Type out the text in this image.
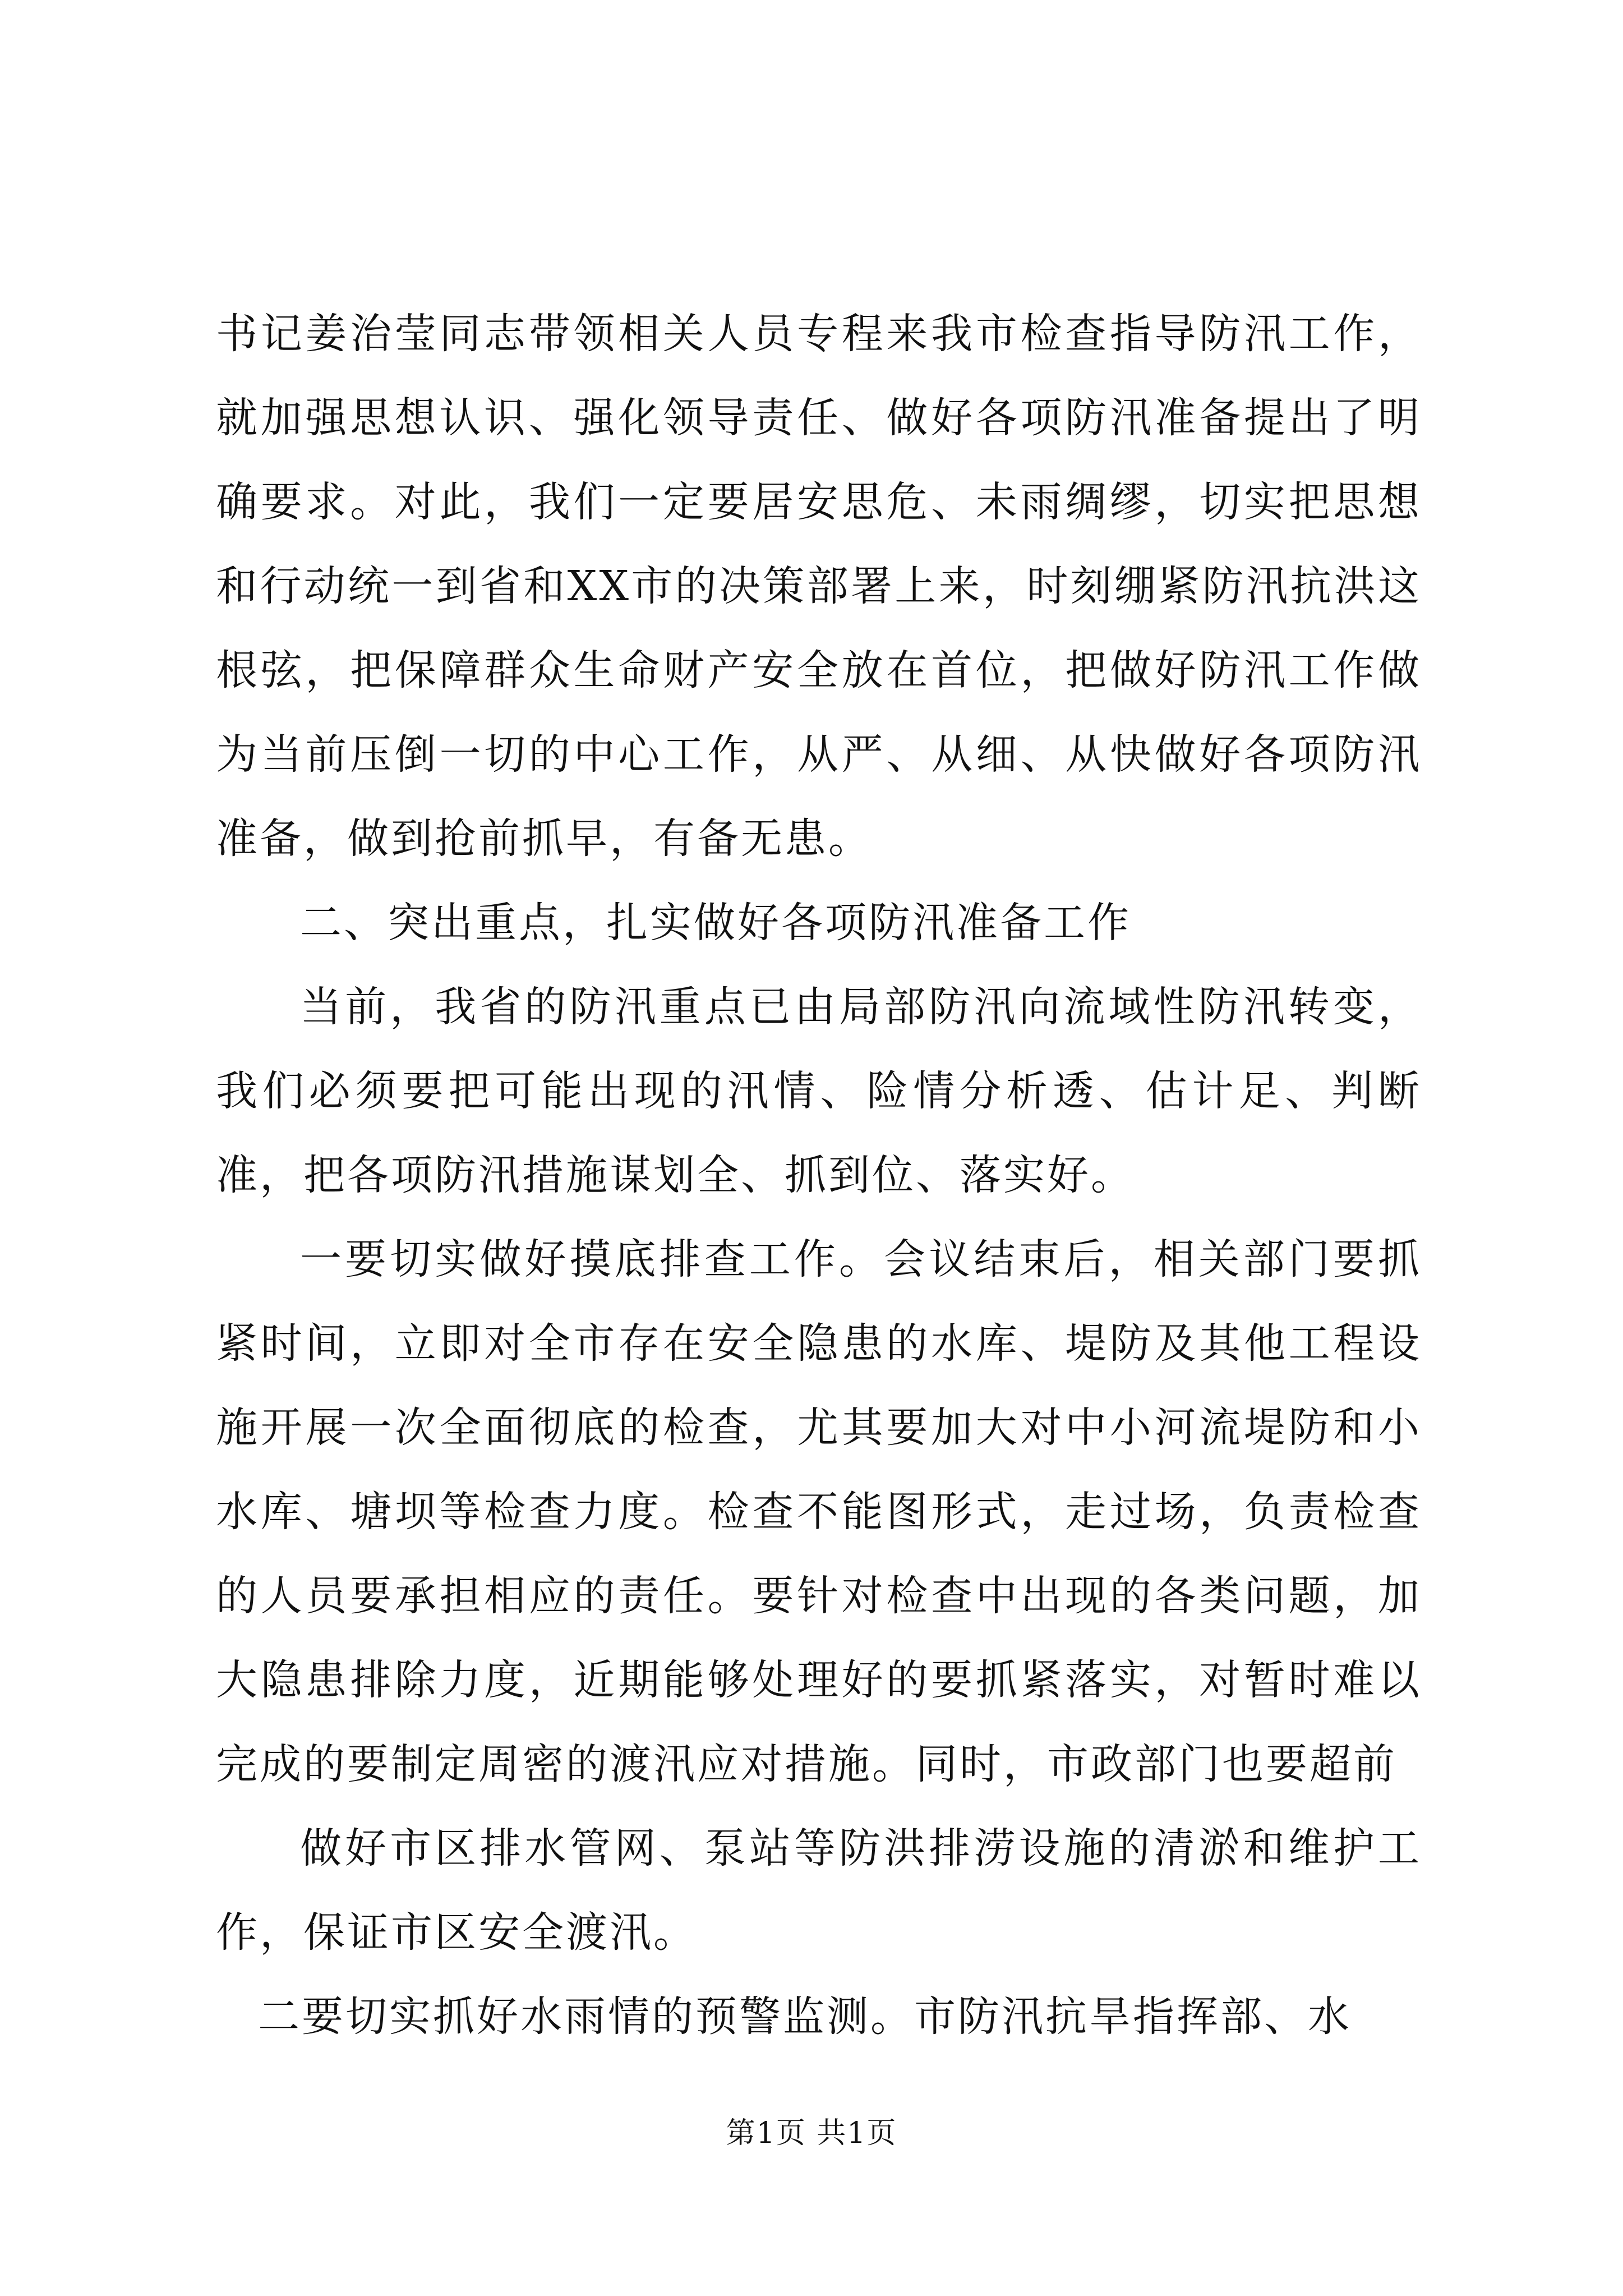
书记姜治莹同志带领相关人员专程来我市检查指导防汛工作，就加强思想认识、强化领导责任、做好各项防汛准备提出了明确要求。对此，我们一定要居安思危、未雨绸缪，切实把思想和行动统一到省和XX市的决策部署上来，时刻绷紧防汛抗洪这根弦，把保障群众生命财产安全放在首位，把做好防汛工作做为当前压倒一切的中心工作，从严、从细、从快做好各项防汛准备，做到抢前抓早，有备无患。

二、突出重点，扎实做好各项防汛准备工作

当前，我省的防汛重点已由局部防汛向流域性防汛转变，我们必须要把可能出现的汛情、险情分析透、估计足、判断准，把各项防汛措施谋划全、抓到位、落实好。

一要切实做好摸底排查工作。会议结束后，相关部门要抓紧时间，立即对全市存在安全隐患的水库、堤防及其他工程设施开展一次全面彻底的检查，尤其要加大对中小河流堤防和小水库、塘坝等检查力度。检查不能图形式，走过场，负责检查的人员要承担相应的责任。要针对检查中出现的各类问题，加大隐患排除力度，近期能够处理好的要抓紧落实，对暂时难以完成的要制定周密的渡汛应对措施。同时，市政部门也要超前

做好市区排水管网、泵站等防洪排涝设施的清淤和维护工作，保证市区安全渡汛。

二要切实抓好水雨情的预警监测。市防汛抗旱指挥部、水

第1页 共1页
